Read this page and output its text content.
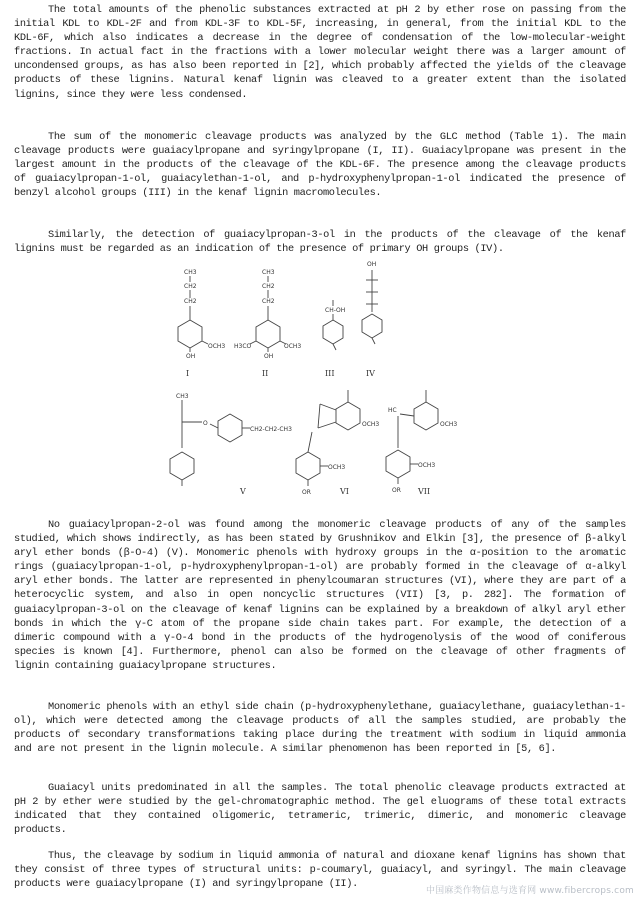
The total amounts of the phenolic substances extracted at pH 2 by ether rose on passing from the initial KDL to KDL-2F and from KDL-3F to KDL-5F, increasing, in general, from the initial KDL to the KDL-6F, which also indicates a decrease in the degree of condensation of the low-molecular-weight fractions. In actual fact in the fractions with a lower molecular weight there was a larger amount of uncondensed groups, as has also been reported in [2], which probably affected the yields of the cleavage products of these lignins. Natural kenaf lignin was cleaved to a greater extent than the isolated lignins, since they were less condensed.

The sum of the monomeric cleavage products was analyzed by the GLC method (Table 1). The main cleavage products were guaiacylpropane and syringylpropane (I, II). Guaiacylpropane was present in the largest amount in the products of the cleavage of the KDL-6F. The presence among the cleavage products of guaiacylpropan-1-ol, guaiacylethan-1-ol, and p-hydroxyphenylpropan-1-ol indicated the presence of benzyl alcohol groups (III) in the kenaf lignin macromolecules.

Similarly, the detection of guaiacylpropan-3-ol in the products of the cleavage of the kenaf lignins must be regarded as an indication of the presence of primary OH groups (IV).

CH3
CH2
CH2
OCH3
OH
CH3
CH2
CH2
OCH3
H3CO
OH
CH-OH
OH
CH3
O
CH2-CH2-CH3
OCH3
OCH3
OR
HC
OCH3
OCH3
OR
I	II	III	IV
V	VI	VII

No guaiacylpropan-2-ol was found among the monomeric cleavage products of any of the samples studied, which shows indirectly, as has been stated by Grushnikov and Elkin [3], the presence of β-alkyl aryl ether bonds (β-O-4) (V). Monomeric phenols with hydroxy groups in the α-position to the aromatic rings (guaiacylpropan-1-ol, p-hydroxyphenylpropan-1-ol) are probably formed in the cleavage of α-alkyl aryl ether bonds. The latter are represented in phenylcoumaran structures (VI), where they are part of a heterocyclic system, and also in open noncyclic structures (VII) [3, p. 282]. The formation of guaiacylpropan-3-ol on the cleavage of kenaf lignins can be explained by a breakdown of alkyl aryl ether bonds in which the γ-C atom of the propane side chain takes part. For example, the detection of a dimeric compound with a γ-O-4 bond in the products of the hydrogenolysis of the wood of coniferous species is known [4]. Furthermore, phenol can also be formed on the cleavage of other fragments of lignin containing guaiacylpropane structures.

Monomeric phenols with an ethyl side chain (p-hydroxyphenylethane, guaiacylethane, guaiacylethan-1-ol), which were detected among the cleavage products of all the samples studied, are probably the products of secondary transformations taking place during the treatment with sodium in liquid ammonia and are not present in the lignin molecule. A similar phenomenon has been reported in [5, 6].

Guaiacyl units predominated in all the samples. The total phenolic cleavage products extracted at pH 2 by ether were studied by the gel-chromatographic method. The gel eluograms of these total extracts indicated that they contained oligomeric, tetrameric, trimeric, dimeric, and monomeric cleavage products.

Thus, the cleavage by sodium in liquid ammonia of natural and dioxane kenaf lignins has shown that they consist of three types of structural units: p-coumaryl, guaiacyl, and syringyl. The main cleavage products were guaiacylpropane (I) and syringylpropane (II).

中国麻类作物信息与选育网 www.fibercrops.com
